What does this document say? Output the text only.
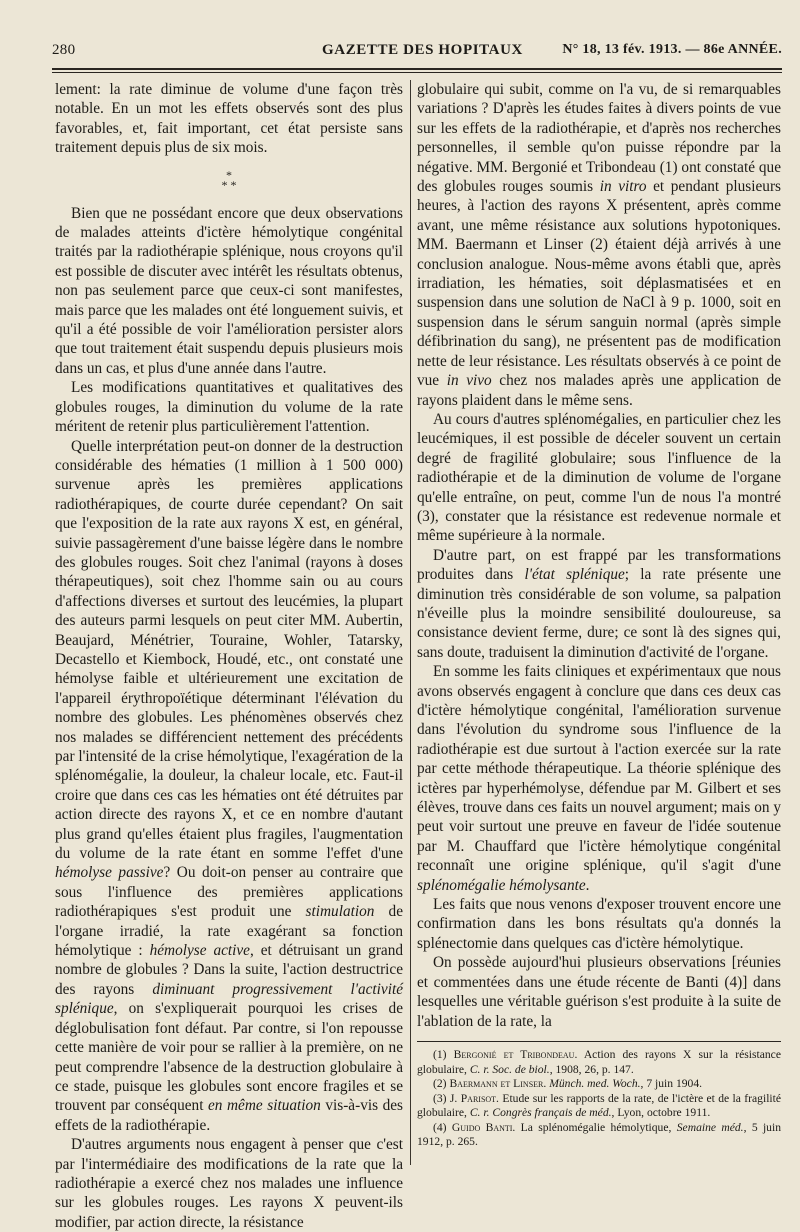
280	GAZETTE DES HOPITAUX	N° 18, 13 fév. 1913. — 86e ANNÉE.

lement: la rate diminue de volume d'une façon très notable. En un mot les effets observés sont des plus favorables, et, fait important, cet état persiste sans traitement depuis plus de six mois.

*
* *

Bien que ne possédant encore que deux observations de malades atteints d'ictère hémolytique congénital traités par la radiothérapie splénique, nous croyons qu'il est possible de discuter avec intérêt les résultats obtenus, non pas seulement parce que ceux-ci sont manifestes, mais parce que les malades ont été longuement suivis, et qu'il a été possible de voir l'amélioration persister alors que tout traitement était suspendu depuis plusieurs mois dans un cas, et plus d'une année dans l'autre.

Les modifications quantitatives et qualitatives des globules rouges, la diminution du volume de la rate méritent de retenir plus particulièrement l'attention.

Quelle interprétation peut-on donner de la destruction considérable des hématies (1 million à 1 500 000) survenue après les premières applications radiothérapiques, de courte durée cependant? On sait que l'exposition de la rate aux rayons X est, en général, suivie passagèrement d'une baisse légère dans le nombre des globules rouges. Soit chez l'animal (rayons à doses thérapeutiques), soit chez l'homme sain ou au cours d'affections diverses et surtout des leucémies, la plupart des auteurs parmi lesquels on peut citer MM. Aubertin, Beaujard, Ménétrier, Touraine, Wohler, Tatarsky, Decastello et Kiembock, Houdé, etc., ont constaté une hémolyse faible et ultérieurement une excitation de l'appareil érythropoïétique déterminant l'élévation du nombre des globules. Les phénomènes observés chez nos malades se différencient nettement des précédents par l'intensité de la crise hémolytique, l'exagération de la splénomégalie, la douleur, la chaleur locale, etc. Faut-il croire que dans ces cas les hématies ont été détruites par action directe des rayons X, et ce en nombre d'autant plus grand qu'elles étaient plus fragiles, l'augmentation du volume de la rate étant en somme l'effet d'une hémolyse passive? Ou doit-on penser au contraire que sous l'influence des premières applications radiothérapiques s'est produit une stimulation de l'organe irradié, la rate exagérant sa fonction hémolytique : hémolyse active, et détruisant un grand nombre de globules ? Dans la suite, l'action destructrice des rayons diminuant progressivement l'activité splénique, on s'expliquerait pourquoi les crises de déglobulisation font défaut. Par contre, si l'on repousse cette manière de voir pour se rallier à la première, on ne peut comprendre l'absence de la destruction globulaire à ce stade, puisque les globules sont encore fragiles et se trouvent par conséquent en même situation vis-à-vis des effets de la radiothérapie.

D'autres arguments nous engagent à penser que c'est par l'intermédiaire des modifications de la rate que la radiothérapie a exercé chez nos malades une influence sur les globules rouges. Les rayons X peuvent-ils modifier, par action directe, la résistance

globulaire qui subit, comme on l'a vu, de si remarquables variations ? D'après les études faites à divers points de vue sur les effets de la radiothérapie, et d'après nos recherches personnelles, il semble qu'on puisse répondre par la négative. MM. Bergonié et Tribondeau (1) ont constaté que des globules rouges soumis in vitro et pendant plusieurs heures, à l'action des rayons X présentent, après comme avant, une même résistance aux solutions hypotoniques. MM. Baermann et Linser (2) étaient déjà arrivés à une conclusion analogue. Nous-même avons établi que, après irradiation, les hématies, soit déplasmatisées et en suspension dans une solution de NaCl à 9 p. 1000, soit en suspension dans le sérum sanguin normal (après simple défibrination du sang), ne présentent pas de modification nette de leur résistance. Les résultats observés à ce point de vue in vivo chez nos malades après une application de rayons plaident dans le même sens.

Au cours d'autres splénomégalies, en particulier chez les leucémiques, il est possible de déceler souvent un certain degré de fragilité globulaire; sous l'influence de la radiothérapie et de la diminution de volume de l'organe qu'elle entraîne, on peut, comme l'un de nous l'a montré (3), constater que la résistance est redevenue normale et même supérieure à la normale.

D'autre part, on est frappé par les transformations produites dans l'état splénique; la rate présente une diminution très considérable de son volume, sa palpation n'éveille plus la moindre sensibilité douloureuse, sa consistance devient ferme, dure; ce sont là des signes qui, sans doute, traduisent la diminution d'activité de l'organe.

En somme les faits cliniques et expérimentaux que nous avons observés engagent à conclure que dans ces deux cas d'ictère hémolytique congénital, l'amélioration survenue dans l'évolution du syndrome sous l'influence de la radiothérapie est due surtout à l'action exercée sur la rate par cette méthode thérapeutique. La théorie splénique des ictères par hyperhémolyse, défendue par M. Gilbert et ses élèves, trouve dans ces faits un nouvel argument; mais on y peut voir surtout une preuve en faveur de l'idée soutenue par M. Chauffard que l'ictère hémolytique congénital reconnaît une origine splénique, qu'il s'agit d'une splénomégalie hémolysante.

Les faits que nous venons d'exposer trouvent encore une confirmation dans les bons résultats qu'a donnés la splénectomie dans quelques cas d'ictère hémolytique.

On possède aujourd'hui plusieurs observations [réunies et commentées dans une étude récente de Banti (4)] dans lesquelles une véritable guérison s'est produite à la suite de l'ablation de la rate, la

(1) Bergonié et Tribondeau. Action des rayons X sur la résistance globulaire, C. r. Soc. de biol., 1908, 26, p. 147.

(2) Baermann et Linser. Münch. med. Woch., 7 juin 1904.

(3) J. Parisot. Etude sur les rapports de la rate, de l'ictère et de la fragilité globulaire, C. r. Congrès français de méd., Lyon, octobre 1911.

(4) Guido Banti. La splénomégalie hémolytique, Semaine méd., 5 juin 1912, p. 265.
